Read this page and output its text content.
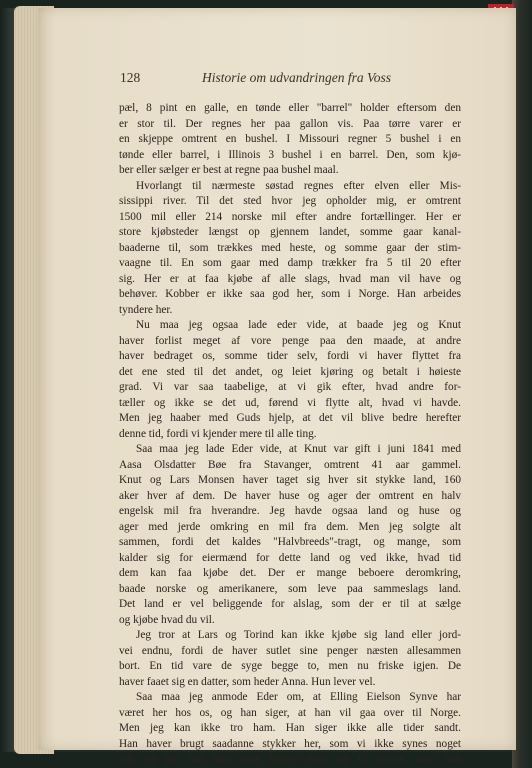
128	Historie om udvandringen fra Voss
pæl, 8 pint en galle, en tønde eller "barrel" holder eftersom den
er stor til. Der regnes her paa gallon vis. Paa tørre varer er
en skjeppe omtrent en bushel. I Missouri regner 5 bushel i en
tønde eller barrel, i Illinois 3 bushel i en barrel. Den, som kjø-
ber eller sælger er best at regne paa bushel maal.
Hvorlangt til nærmeste søstad regnes efter elven eller Mis-
sissippi river. Til det sted hvor jeg opholder mig, er omtrent
1500 mil eller 214 norske mil efter andre fortællinger. Her er
store kjøbsteder længst op gjennem landet, somme gaar kanal-
baaderne til, som trækkes med heste, og somme gaar der stim-
vaagne til. En som gaar med damp trækker fra 5 til 20 efter
sig. Her er at faa kjøbe af alle slags, hvad man vil have og
behøver. Kobber er ikke saa god her, som i Norge. Han arbeides
tyndere her.
Nu maa jeg ogsaa lade eder vide, at baade jeg og Knut
haver forlist meget af vore penge paa den maade, at andre
haver bedraget os, somme tider selv, fordi vi haver flyttet fra
det ene sted til det andet, og leiet kjøring og betalt i høieste
grad. Vi var saa taabelige, at vi gik efter, hvad andre for-
tæller og ikke se det ud, førend vi flytte alt, hvad vi havde.
Men jeg haaber med Guds hjelp, at det vil blive bedre herefter
denne tid, fordi vi kjender mere til alle ting.
Saa maa jeg lade Eder vide, at Knut var gift i juni 1841 med
Aasa Olsdatter Bøe fra Stavanger, omtrent 41 aar gammel.
Knut og Lars Monsen haver taget sig hver sit stykke land, 160
aker hver af dem. De haver huse og ager der omtrent en halv
engelsk mil fra hverandre. Jeg havde ogsaa land og huse og
ager med jerde omkring en mil fra dem. Men jeg solgte alt
sammen, fordi det kaldes "Halvbreeds"-tragt, og mange, som
kalder sig for eiermænd for dette land og ved ikke, hvad tid
dem kan faa kjøbe det. Der er mange beboere deromkring,
baade norske og amerikanere, som leve paa sammeslags land.
Det land er vel beliggende for alslag, som der er til at sælge
og kjøbe hvad du vil.
Jeg tror at Lars og Torind kan ikke kjøbe sig land eller jord-
vei endnu, fordi de haver sutlet sine penger næsten allesammen
bort. En tid vare de syge begge to, men nu friske igjen. De
haver faaet sig en datter, som heder Anna. Hun lever vel.
Saa maa jeg anmode Eder om, at Elling Eielson Synve har
været her hos os, og han siger, at han vil gaa over til Norge.
Men jeg kan ikke tro ham. Han siger ikke alle tider sandt.
Han haver brugt saadanne stykker her, som vi ikke synes noget
om, og jeg bad ham tage brever med sig til Norge, men han
